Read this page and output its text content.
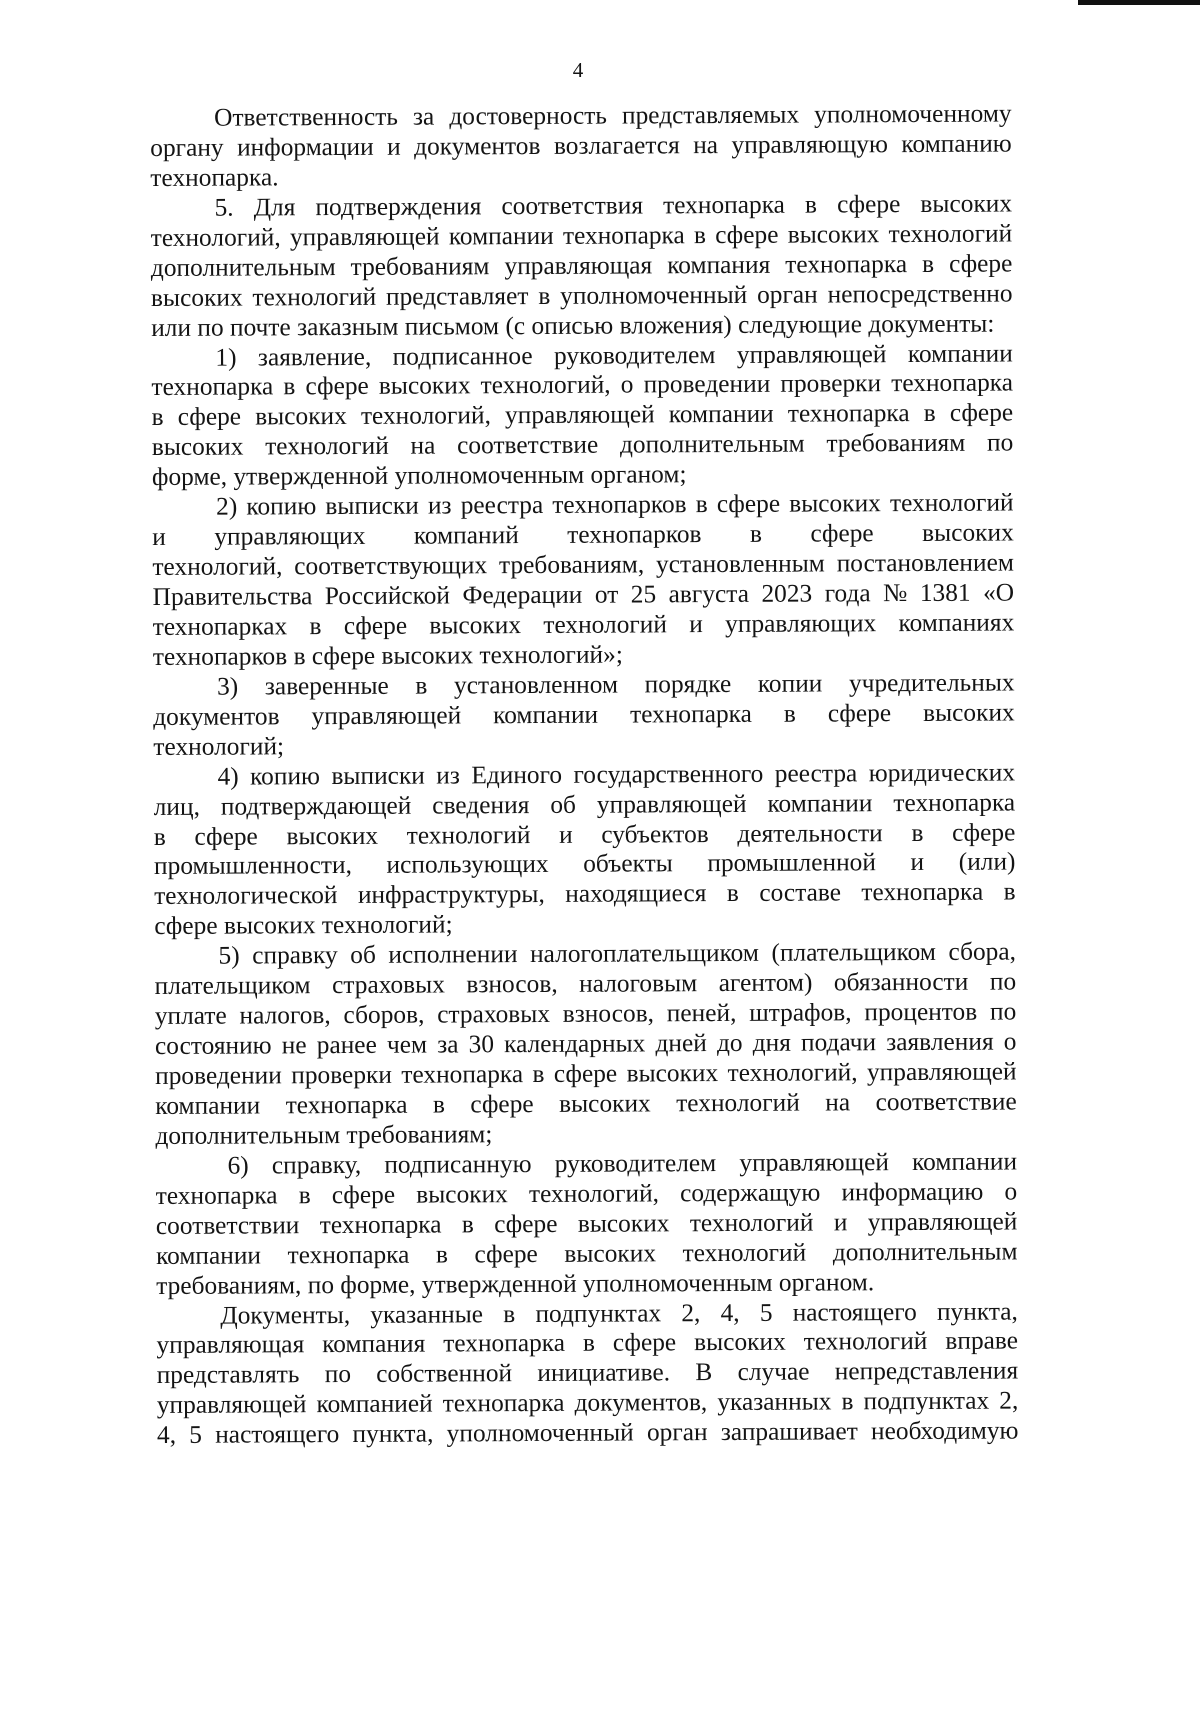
4
Ответственность за достоверность представляемых уполномоченному
органу информации и документов возлагается на управляющую компанию
технопарка.
5. Для подтверждения соответствия технопарка в сфере высоких
технологий, управляющей компании технопарка в сфере высоких технологий
дополнительным требованиям управляющая компания технопарка в сфере
высоких технологий представляет в уполномоченный орган непосредственно
или по почте заказным письмом (с описью вложения) следующие документы:
1) заявление, подписанное руководителем управляющей компании
технопарка в сфере высоких технологий, о проведении проверки технопарка
в сфере высоких технологий, управляющей компании технопарка в сфере
высоких технологий на соответствие дополнительным требованиям по
форме, утвержденной уполномоченным органом;
2) копию выписки из реестра технопарков в сфере высоких технологий
и управляющих компаний технопарков в сфере высоких
технологий, соответствующих требованиям, установленным постановлением
Правительства Российской Федерации от 25 августа 2023 года № 1381 «О
технопарках в сфере высоких технологий и управляющих компаниях
технопарков в сфере высоких технологий»;
3) заверенные в установленном порядке копии учредительных
документов управляющей компании технопарка в сфере высоких
технологий;
4) копию выписки из Единого государственного реестра юридических
лиц, подтверждающей сведения об управляющей компании технопарка
в сфере высоких технологий и субъектов деятельности в сфере
промышленности, использующих объекты промышленной и (или)
технологической инфраструктуры, находящиеся в составе технопарка в
сфере высоких технологий;
5) справку об исполнении налогоплательщиком (плательщиком сбора,
плательщиком страховых взносов, налоговым агентом) обязанности по
уплате налогов, сборов, страховых взносов, пеней, штрафов, процентов по
состоянию не ранее чем за 30 календарных дней до дня подачи заявления о
проведении проверки технопарка в сфере высоких технологий, управляющей
компании технопарка в сфере высоких технологий на соответствие
дополнительным требованиям;
6) справку, подписанную руководителем управляющей компании
технопарка в сфере высоких технологий, содержащую информацию о
соответствии технопарка в сфере высоких технологий и управляющей
компании технопарка в сфере высоких технологий дополнительным
требованиям, по форме, утвержденной уполномоченным органом.
Документы, указанные в подпунктах 2, 4, 5 настоящего пункта,
управляющая компания технопарка в сфере высоких технологий вправе
представлять по собственной инициативе. В случае непредставления
управляющей компанией технопарка документов, указанных в подпунктах 2,
4, 5 настоящего пункта, уполномоченный орган запрашивает необходимую
